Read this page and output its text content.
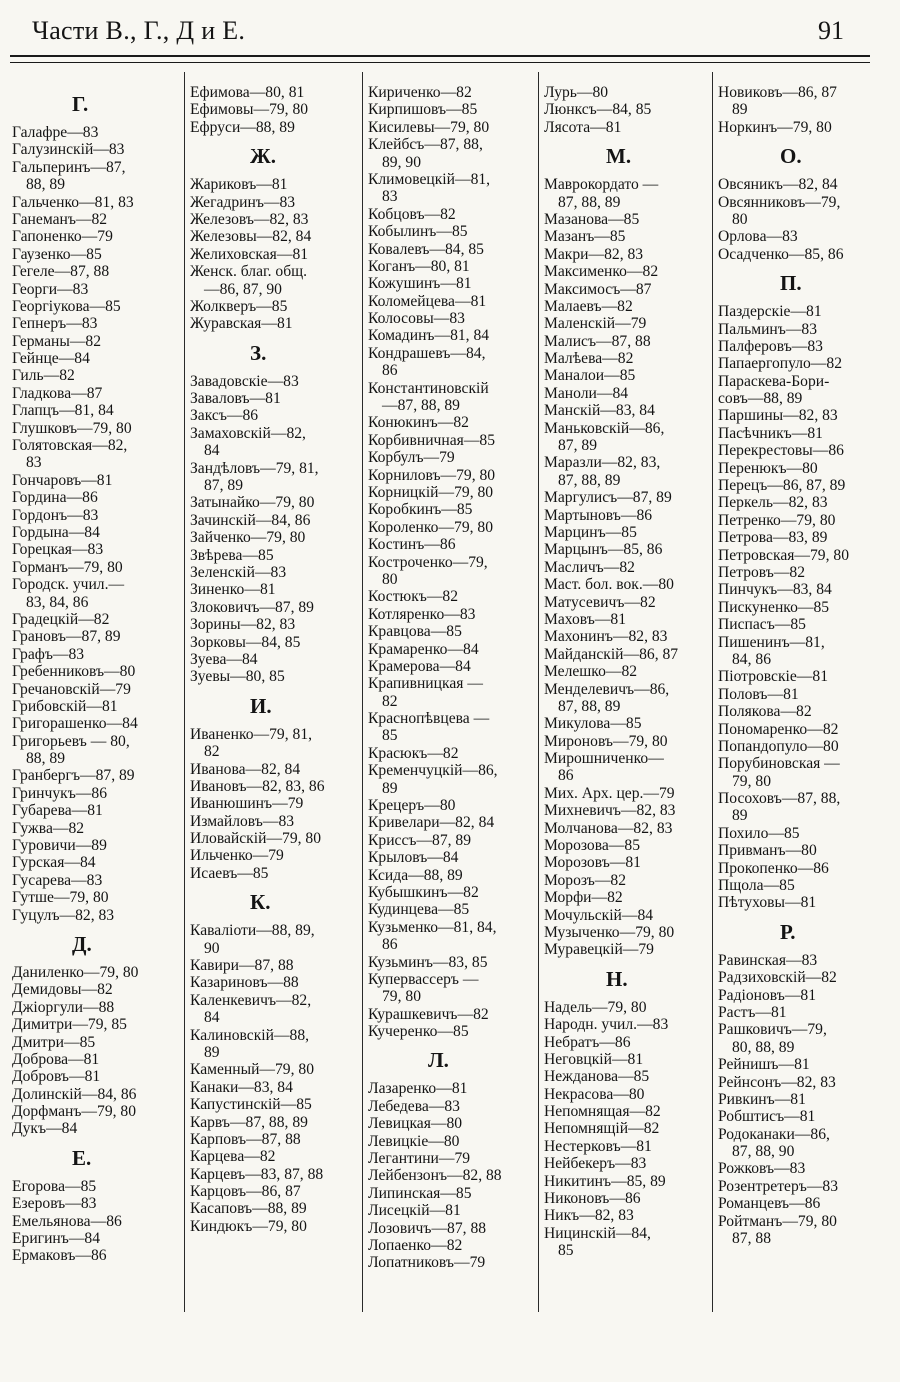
Части В., Г., Д и Е.	91
Г.
Галафре—83
Галузинскій—83
Гальперинъ—87,
88, 89
Гальченко—81, 83
Ганеманъ—82
Гапоненко—79
Гаузенко—85
Гегеле—87, 88
Георги—83
Георгіукова—85
Гепнеръ—83
Германы—82
Гейнце—84
Гиль—82
Гладкова—87
Глапцъ—81, 84
Глушковъ—79, 80
Голятовская—82,
83
Гончаровъ—81
Гордина—86
Гордонъ—83
Гордына—84
Горецкая—83
Горманъ—79, 80
Городск. учил.—
83, 84, 86
Градецкій—82
Грановъ—87, 89
Графъ—83
Гребенниковъ—80
Гречановскій—79
Грибовскій—81
Григорашенко—84
Григорьевъ — 80,
88, 89
Гранбергъ—87, 89
Гринчукъ—86
Губарева—81
Гужва—82
Гуровичи—89
Гурская—84
Гусарева—83
Гутше—79, 80
Гуцулъ—82, 83
Д.
Даниленко—79, 80
Демидовы—82
Джіоргули—88
Димитри—79, 85
Дмитри—85
Доброва—81
Добровъ—81
Долинскій—84, 86
Дорфманъ—79, 80
Дукъ—84
Е.
Егорова—85
Езеровъ—83
Емельянова—86
Еригинъ—84
Ермаковъ—86
Ефимова—80, 81
Ефимовы—79, 80
Ефруси—88, 89
Ж.
Жариковъ—81
Жегадринъ—83
Железовъ—82, 83
Железовы—82, 84
Желиховская—81
Женск. благ. общ.
—86, 87, 90
Жолкверъ—85
Журавская—81
З.
Завадовскіе—83
Заваловъ—81
Заксъ—86
Замаховскій—82,
84
Зандѣловъ—79, 81,
87, 89
Затынайко—79, 80
Зачинскій—84, 86
Зайченко—79, 80
Звѣрева—85
Зеленскій—83
Зиненко—81
Злоковичъ—87, 89
Зорины—82, 83
Зорковы—84, 85
Зуева—84
Зуевы—80, 85
И.
Иваненко—79, 81,
82
Иванова—82, 84
Ивановъ—82, 83, 86
Иванюшинъ—79
Измайловъ—83
Иловайскій—79, 80
Ильченко—79
Исаевъ—85
К.
Каваліоти—88, 89,
90
Кавири—87, 88
Казариновъ—88
Каленкевичъ—82,
84
Калиновскій—88,
89
Каменный—79, 80
Канаки—83, 84
Капустинскій—85
Карвъ—87, 88, 89
Карповъ—87, 88
Карцева—82
Карцевъ—83, 87, 88
Карцовъ—86, 87
Касаповъ—88, 89
Киндюкъ—79, 80
Кириченко—82
Кирпишовъ—85
Кисилевы—79, 80
Клейбсъ—87, 88,
89, 90
Климовецкій—81,
83
Кобцовъ—82
Кобылинъ—85
Ковалевъ—84, 85
Коганъ—80, 81
Кожушинъ—81
Коломейцева—81
Колосовы—83
Комадинъ—81, 84
Кондрашевъ—84,
86
Константиновскій
—87, 88, 89
Конюкинъ—82
Корбивничная—85
Корбулъ—79
Корниловъ—79, 80
Корницкій—79, 80
Коробкинъ—85
Короленко—79, 80
Костинъ—86
Костроченко—79,
80
Костюкъ—82
Котляренко—83
Кравцова—85
Крамаренко—84
Крамерова—84
Крапивницкая —
82
Краснопѣвцева —
85
Красюкъ—82
Кременчуцкій—86,
89
Крецеръ—80
Кривелари—82, 84
Криссъ—87, 89
Крыловъ—84
Ксида—88, 89
Кубышкинъ—82
Кудинцева—85
Кузьменко—81, 84,
86
Кузьминъ—83, 85
Куперваcсеръ —
79, 80
Курашкевичъ—82
Кучеренко—85
Л.
Лазаренко—81
Лебедева—83
Левицкая—80
Левицкіе—80
Легантини—79
Лейбензонъ—82, 88
Липинская—85
Лисецкій—81
Лозовичъ—87, 88
Лопаенко—82
Лопатниковъ—79
Лурь—80
Люнксъ—84, 85
Лясота—81
М.
Маврокордато —
87, 88, 89
Мазанова—85
Мазанъ—85
Макри—82, 83
Максименко—82
Максимосъ—87
Малаевъ—82
Маленскій—79
Малисъ—87, 88
Малѣева—82
Маналои—85
Маноли—84
Манскій—83, 84
Маньковскій—86,
87, 89
Маразли—82, 83,
87, 88, 89
Маргулисъ—87, 89
Мартыновъ—86
Марцинъ—85
Марцынъ—85, 86
Масличъ—82
Маст. бол. вок.—80
Матусевичъ—82
Маховъ—81
Махонинъ—82, 83
Майданскій—86, 87
Мелешко—82
Менделевичъ—86,
87, 88, 89
Микулова—85
Мироновъ—79, 80
Мирошниченко—
86
Мих. Арх. цер.—79
Михневичъ—82, 83
Молчанова—82, 83
Морозова—85
Морозовъ—81
Морозъ—82
Морфи—82
Мочульскій—84
Музыченко—79, 80
Муравецкій—79
Н.
Надель—79, 80
Народн. учил.—83
Небратъ—86
Неговцкій—81
Нежданова—85
Некрасова—80
Непомнящая—82
Непомнящій—82
Нестерковъ—81
Нейбекеръ—83
Никитинъ—85, 89
Никоновъ—86
Никъ—82, 83
Ницинскій—84,
85
Новиковъ—86, 87
89
Норкинъ—79, 80
О.
Овсяникъ—82, 84
Овсянниковъ—79,
80
Орлова—83
Осадченко—85, 86
П.
Паздерскіе—81
Пальминъ—83
Палферовъ—83
Папаергопуло—82
Параскева-Бори-
совъ—88, 89
Паршины—82, 83
Пасѣчникъ—81
Перекрестовы—86
Перенюкъ—80
Перецъ—86, 87, 89
Перкель—82, 83
Петренко—79, 80
Петрова—83, 89
Петровская—79, 80
Петровъ—82
Пинчукъ—83, 84
Пискуненко—85
Писпасъ—85
Пишенинъ—81,
84, 86
Піотровскіе—81
Половъ—81
Полякова—82
Пономаренко—82
Попандопуло—80
Порубиновская —
79, 80
Посоховъ—87, 88,
89
Похило—85
Привманъ—80
Прокопенко—86
Пщола—85
Пѣтуховы—81
Р.
Равинская—83
Радзиховскій—82
Радіоновъ—81
Растъ—81
Рашковичъ—79,
80, 88, 89
Рейнишъ—81
Рейнсонъ—82, 83
Ривкинъ—81
Робштисъ—81
Родоканаки—86,
87, 88, 90
Рожковъ—83
Розентретеръ—83
Романцевъ—86
Ройтманъ—79, 80
87, 88
